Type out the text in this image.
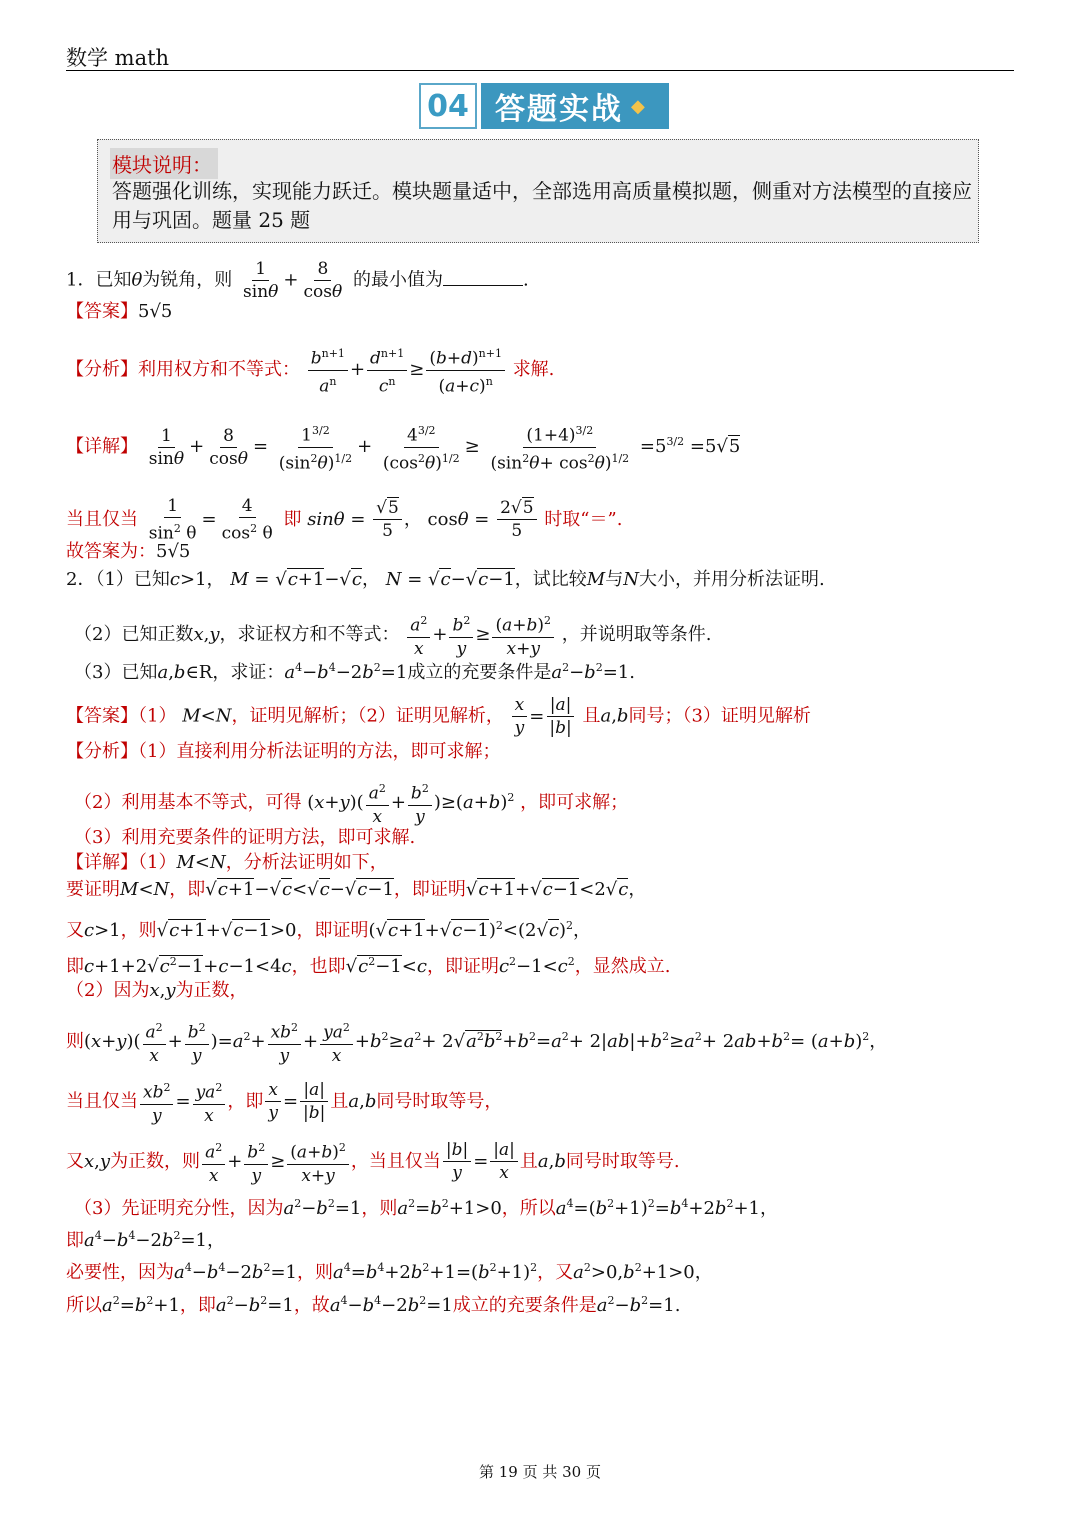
数学 math
04 答题实战 ◆
模块说明：
答题强化训练，实现能力跃迁。模块题量适中，全部选用高质量模拟题，侧重对方法模型的直接应用与巩固。题量 25 题
1．已知θ为锐角，则 $\frac{1}{\sin\theta} + \frac{8}{\cos\theta}$ 的最小值为	.
【答案】5√5
【分析】利用权方和不等式： $\frac{b^{n+1}}{a^n} + \frac{d^{n+1}}{c^n} \ge \frac{(b+d)^{n+1}}{(a+c)^n}$ 求解.
【详解】 $\frac{1}{\sin\theta} + \frac{8}{\cos\theta} = \frac{1^{3/2}}{(\sin^2\theta)^{1/2}} + \frac{4^{3/2}}{(\cos^2\theta)^{1/2}} \ge \frac{(1+4)^{3/2}}{(\sin^2\theta+ \cos^2\theta)^{1/2}} =5^{3/2} =5√5$
当且仅当 $\frac{1}{\sin^2 \theta} = \frac{4}{\cos^2 \theta}$ 即 $\sin\theta = \frac{√5}{5}$ ， $\cos\theta = \frac{2√5}{5}$ 时取“＝”.
故答案为：5√5
2．（1）已知c>1， M = √c+1−√c， N = √c−√c−1，试比较M与N大小，并用分析法证明.
（2）已知正数x,y，求证权方和不等式： $\frac{a^2}{x} + \frac{b^2}{y} \ge \frac{(a+b)^2}{x+y}$ ，并说明取等条件.
（3）已知a,b∈R，求证：$a^4-b^4-2b^2=1$成立的充要条件是$a^2-b^2=1$.
【答案】（1） M<N，证明见解析；（2）证明见解析， $\frac{x}{y} = \frac{|a|}{|b|}$ 且a,b同号；（3）证明见解析
【分析】（1）直接利用分析法证明的方法，即可求解；
（2）利用基本不等式，可得 $(x+y)( \frac{a^2}{x} + \frac{b^2}{y} )\ge(a+b)^2$ ，即可求解；
（3）利用充要条件的证明方法，即可求解.
【详解】（1）M<N，分析法证明如下，
要证明M<N，即√c+1−√c<√c−√c−1，即证明√c+1+√c−1<2√c，
又c>1，则√c+1+√c−1>0，即证明$(√c+1+√c-1)^2<(2√c)^2$，
即$c+1+2√c^2-1+c-1<4c$，也即$√c^2-1<c$，即证明$c^2-1<c^2$，显然成立.
（2）因为x,y为正数，
则$(x+y)( \frac{a^2}{x} + \frac{b^2}{y} )=a^2+ \frac{xb^2}{y} + \frac{ya^2}{x} +b^2\ge a^2+ 2√a^2b^2+b^2=a^2+ 2|ab|+b^2\ge a^2+ 2ab+b^2= (a+b)^2$，
当且仅当 $\frac{xb^2}{y} = \frac{ya^2}{x}$ ，即 $\frac{x}{y} = \frac{|a|}{|b|}$ 且a,b同号时取等号，
又x,y为正数，则 $\frac{a^2}{x} + \frac{b^2}{y} \ge \frac{(a+b)^2}{x+y}$ ，当且仅当 $\frac{|b|}{y} = \frac{|a|}{x}$ 且a,b同号时取等号.
（3）先证明充分性，因为$a^2-b^2=1$，则$a^2=b^2+1>0$，所以$a^4=(b^2+1)^2=b^4+2b^2+1$，
即$a^4-b^4-2b^2=1$，
必要性，因为$a^4-b^4-2b^2=1$，则$a^4=b^4+2b^2+1=(b^2+1)^2$，又$a^2>0,b^2+1>0$，
所以$a^2=b^2+1$，即$a^2-b^2=1$，故$a^4-b^4-2b^2=1$成立的充要条件是$a^2-b^2=1$.
第 19 页 共 30 页
